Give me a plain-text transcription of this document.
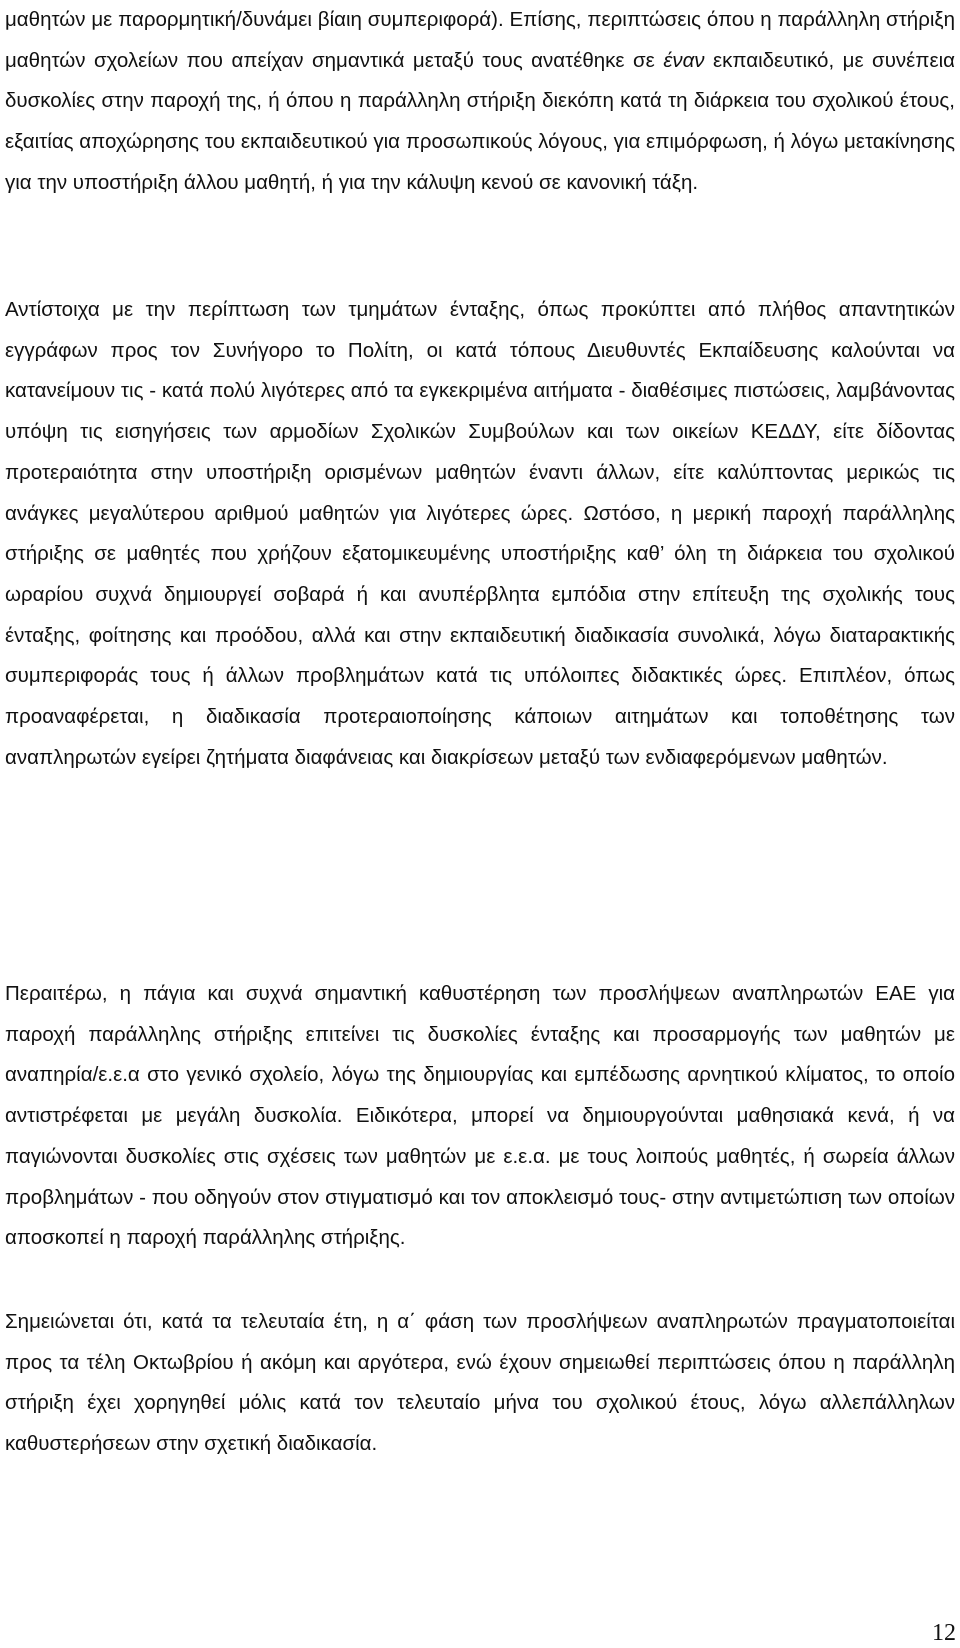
μαθητών με παρορμητική/δυνάμει βίαιη συμπεριφορά). Επίσης, περιπτώσεις όπου η παράλληλη στήριξη μαθητών σχολείων που απείχαν σημαντικά μεταξύ τους ανατέθηκε σε έναν εκπαιδευτικό, με συνέπεια δυσκολίες στην παροχή της, ή όπου η παράλληλη στήριξη διεκόπη κατά τη διάρκεια του σχολικού έτους, εξαιτίας αποχώρησης του εκπαιδευτικού για προσωπικούς λόγους, για επιμόρφωση, ή λόγω μετακίνησης για την υποστήριξη άλλου μαθητή, ή για την κάλυψη κενού σε κανονική τάξη.

Αντίστοιχα με την περίπτωση των τμημάτων ένταξης, όπως προκύπτει από πλήθος απαντητικών εγγράφων προς τον Συνήγορο το Πολίτη, οι κατά τόπους Διευθυντές Εκπαίδευσης καλούνται να κατανείμουν τις - κατά πολύ λιγότερες από τα εγκεκριμένα αιτήματα - διαθέσιμες πιστώσεις, λαμβάνοντας υπόψη τις εισηγήσεις των αρμοδίων Σχολικών Συμβούλων και των οικείων ΚΕΔΔΥ, είτε δίδοντας προτεραιότητα στην υποστήριξη ορισμένων μαθητών έναντι άλλων, είτε καλύπτοντας μερικώς τις ανάγκες μεγαλύτερου αριθμού μαθητών για λιγότερες ώρες. Ωστόσο, η μερική παροχή παράλληλης στήριξης σε μαθητές που χρήζουν εξατομικευμένης υποστήριξης καθ’ όλη τη διάρκεια του σχολικού ωραρίου συχνά δημιουργεί σοβαρά ή και ανυπέρβλητα εμπόδια στην επίτευξη της σχολικής τους ένταξης, φοίτησης και προόδου, αλλά και στην εκπαιδευτική διαδικασία συνολικά, λόγω διαταρακτικής συμπεριφοράς τους ή άλλων προβλημάτων κατά τις υπόλοιπες διδακτικές ώρες. Επιπλέον, όπως προαναφέρεται, η διαδικασία προτεραιοποίησης κάποιων αιτημάτων και τοποθέτησης των αναπληρωτών εγείρει ζητήματα διαφάνειας και διακρίσεων μεταξύ των ενδιαφερόμενων μαθητών.

Περαιτέρω, η πάγια και συχνά σημαντική καθυστέρηση των προσλήψεων αναπληρωτών ΕΑΕ για παροχή παράλληλης στήριξης επιτείνει τις δυσκολίες ένταξης και προσαρμογής των μαθητών με αναπηρία/ε.ε.α στο γενικό σχολείο, λόγω της δημιουργίας και εμπέδωσης αρνητικού κλίματος, το οποίο αντιστρέφεται με μεγάλη δυσκολία. Ειδικότερα, μπορεί να δημιουργούνται μαθησιακά κενά, ή να παγιώνονται δυσκολίες στις σχέσεις των μαθητών με ε.ε.α. με τους λοιπούς μαθητές, ή σωρεία άλλων προβλημάτων - που οδηγούν στον στιγματισμό και τον αποκλεισμό τους- στην αντιμετώπιση των οποίων αποσκοπεί η παροχή παράλληλης στήριξης.

Σημειώνεται ότι, κατά τα τελευταία έτη, η α΄ φάση των προσλήψεων αναπληρωτών πραγματοποιείται προς τα τέλη Οκτωβρίου ή ακόμη και αργότερα, ενώ έχουν σημειωθεί περιπτώσεις όπου η παράλληλη στήριξη έχει χορηγηθεί μόλις κατά τον τελευταίο μήνα του σχολικού έτους, λόγω αλλεπάλληλων καθυστερήσεων στην σχετική διαδικασία.

12
